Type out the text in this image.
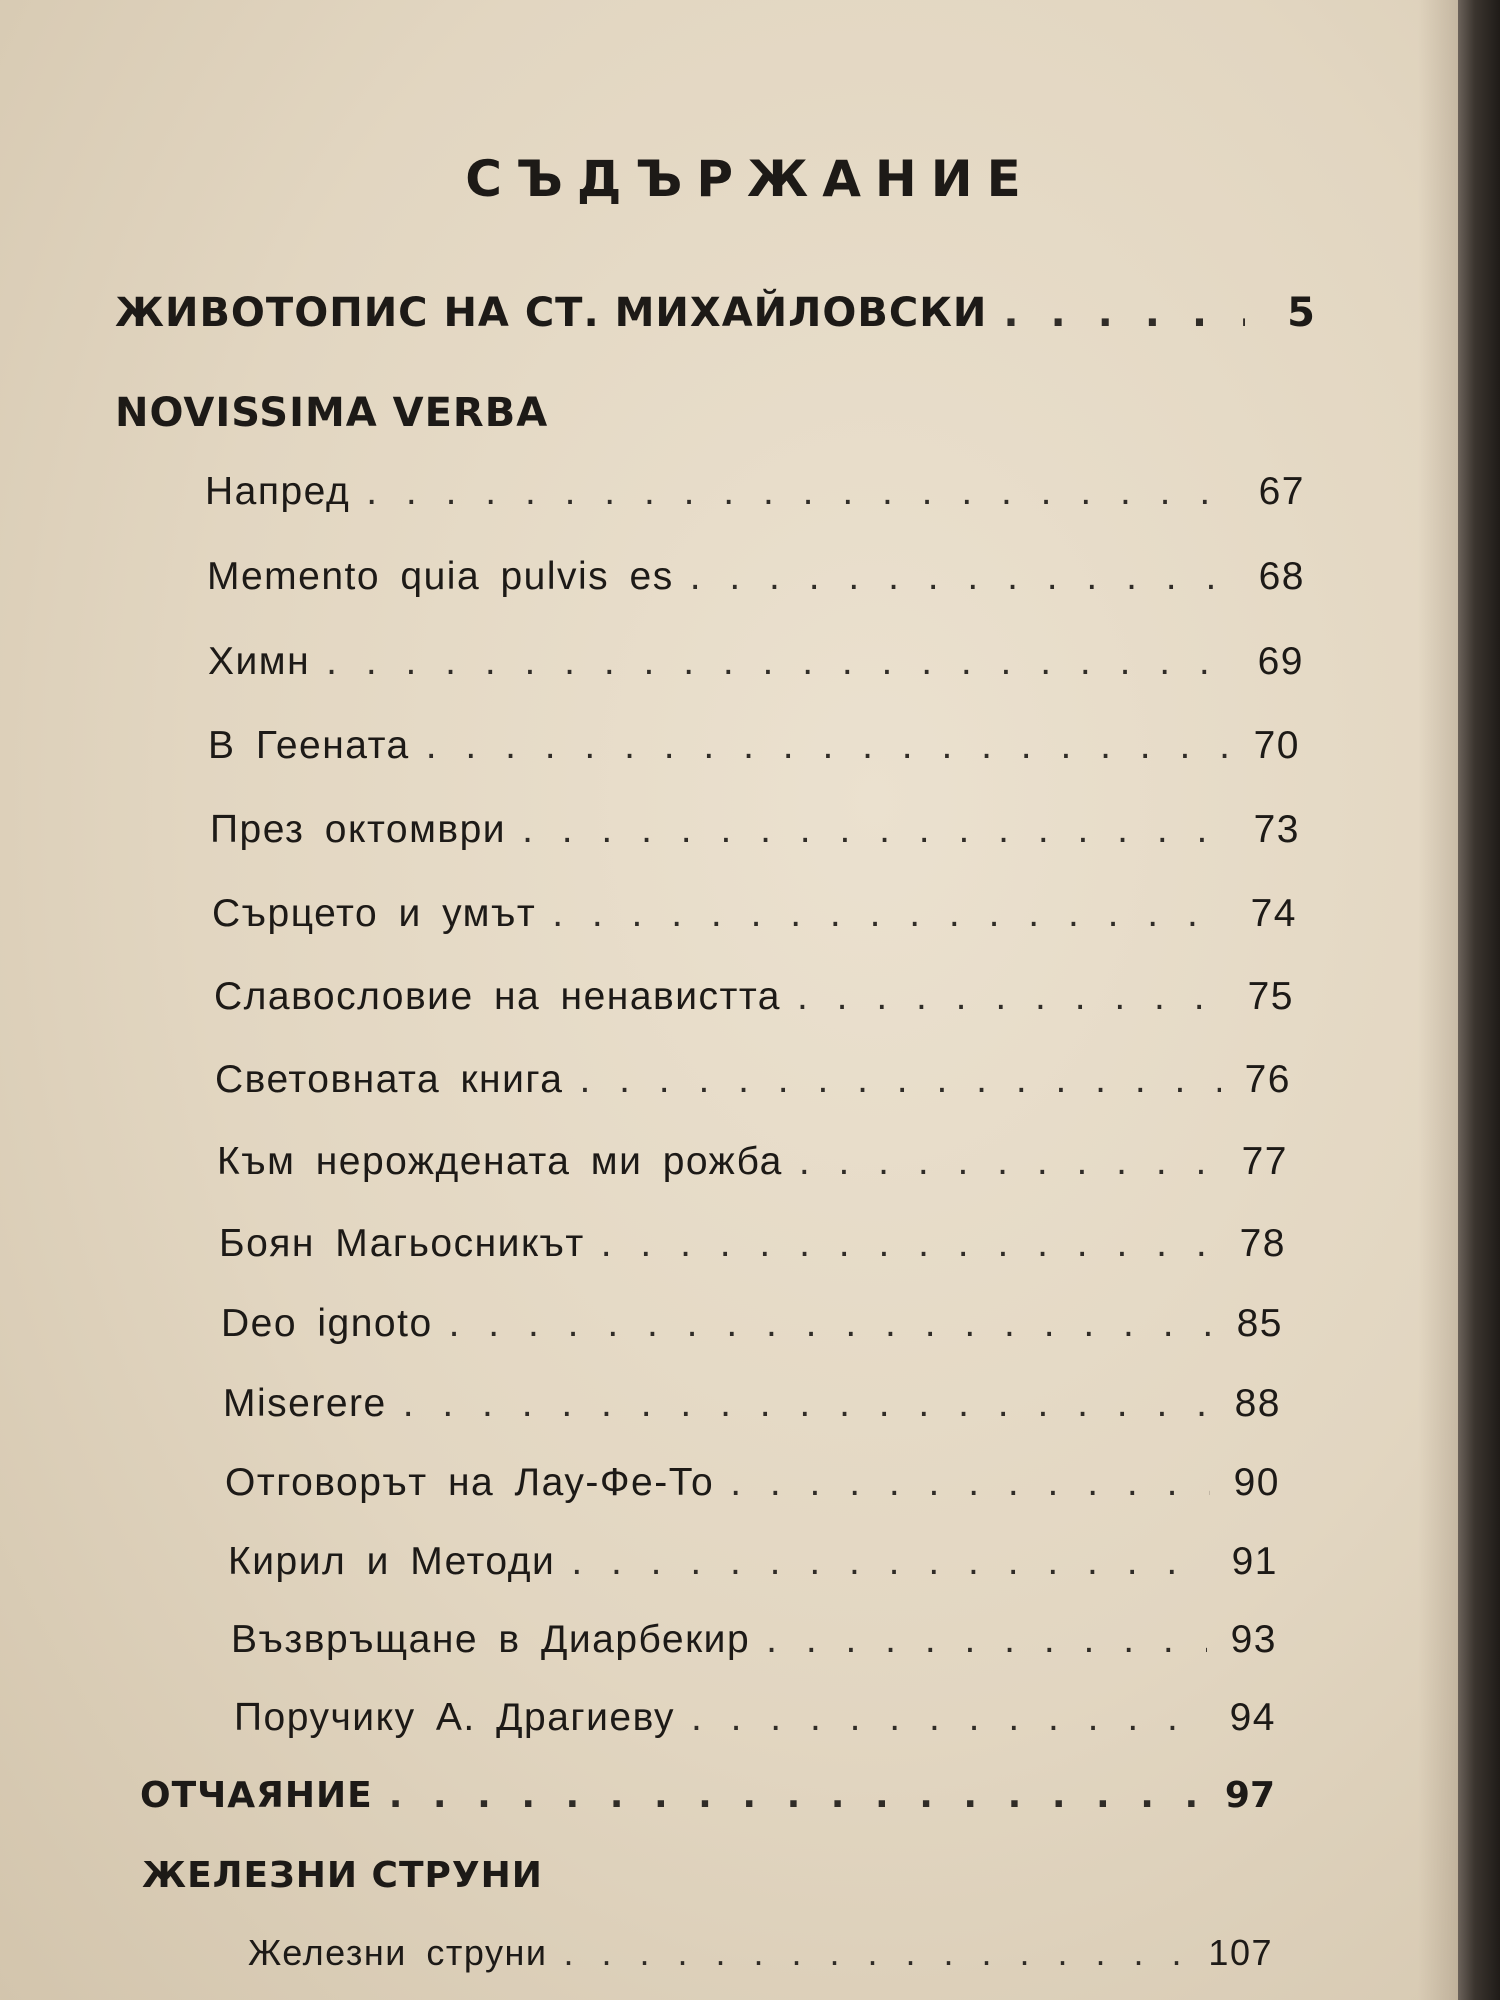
СЪДЪРЖАНИЕ
ЖИВОТОПИС НА СТ. МИХАЙЛОВСКИ . . .	5
NOVISSIMA VERBA
Напред . . .	67
Memento quia pulvis es . . .	68
Химн . . .	69
В Геената . . .	70
През октомври . . .	73
Сърцето и умът . . .	74
Славословие на ненавистта . . .	75
Световната книга . . .	76
Към нерождената ми рожба . . .	77
Боян Магьосникът . . .	78
Deo ignoto . . .	85
Miserere . . .	88
Отговорът на Лау-Фе-То . . .	90
Кирил и Методи . . .	91
Възвръщане в Диарбекир . . .	93
Поручику А. Драгиеву . . .	94
ОТЧАЯНИЕ . . .	97
ЖЕЛЕЗНИ СТРУНИ
Железни струни . . .	107
